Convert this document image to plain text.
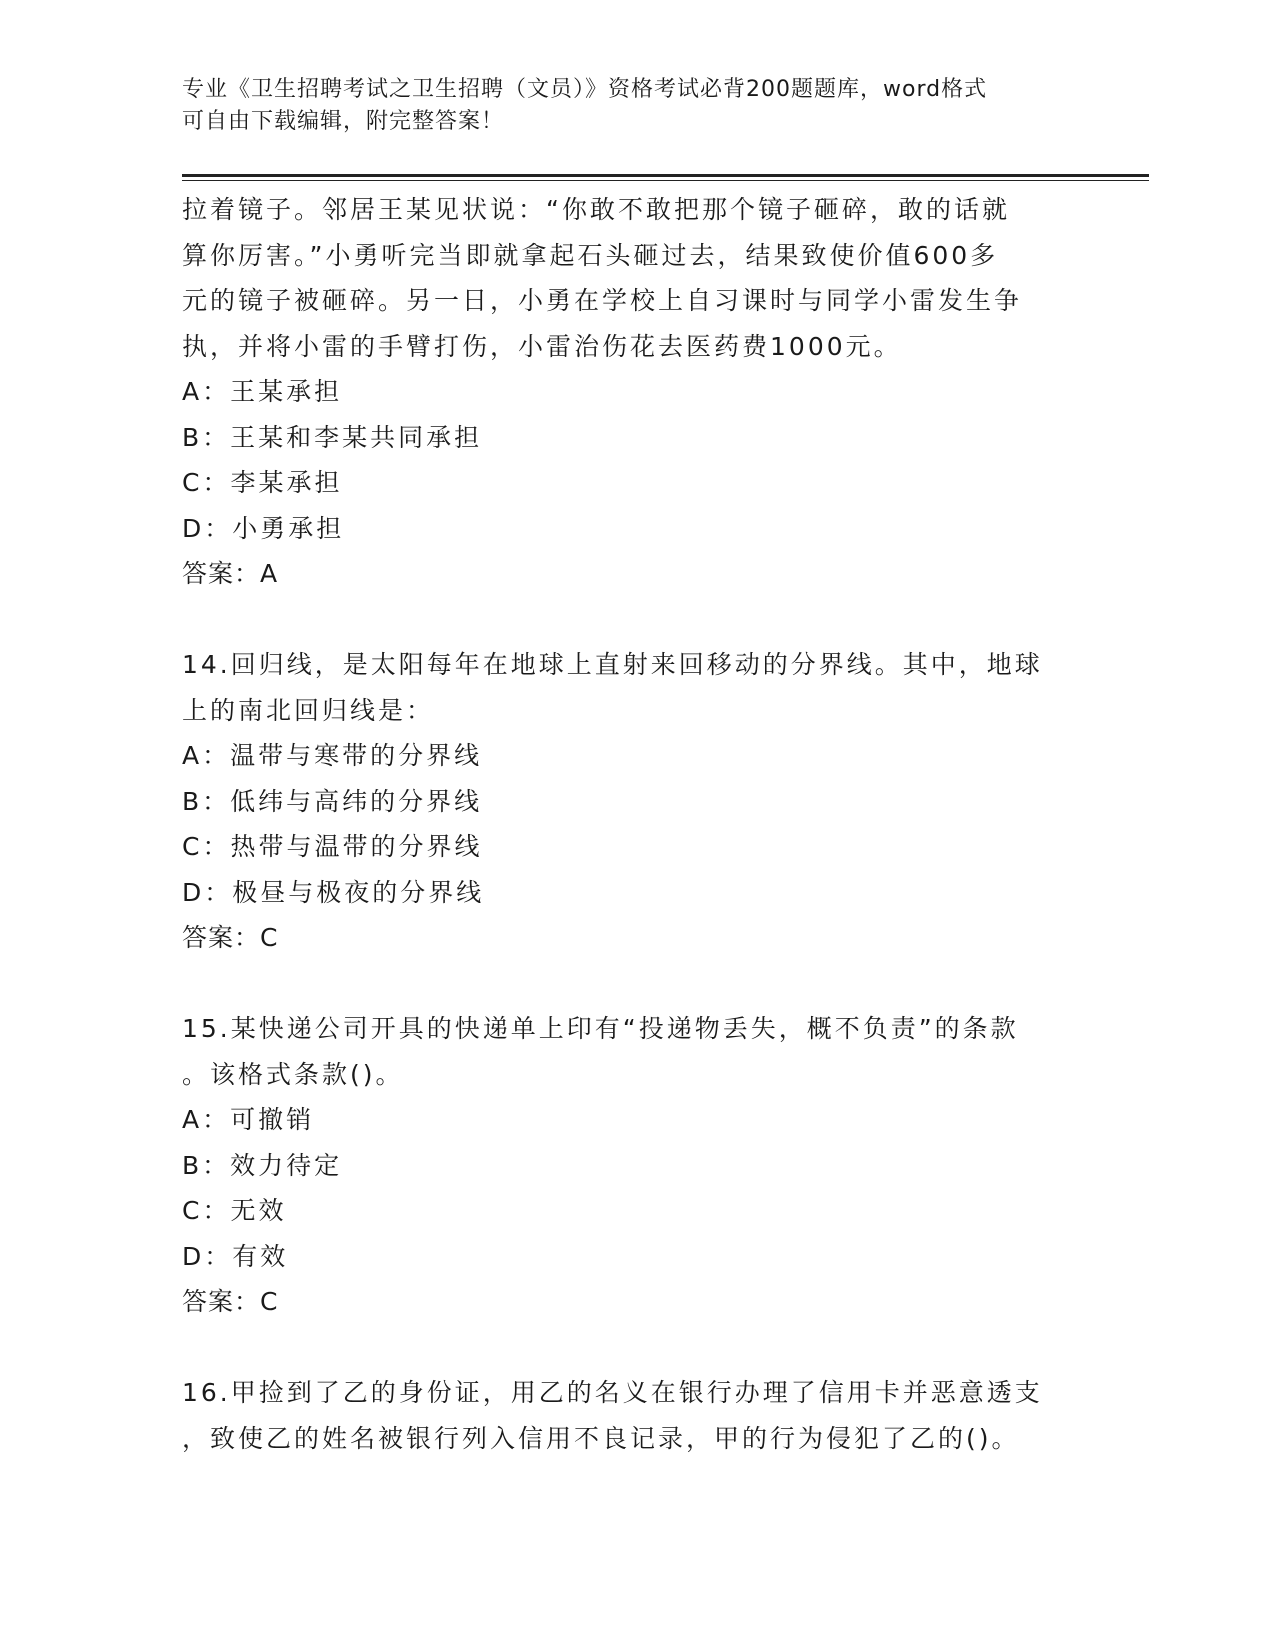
专业《卫生招聘考试之卫生招聘（文员）》资格考试必背200题题库，word格式
可自由下载编辑，附完整答案！
拉着镜子。邻居王某见状说：“你敢不敢把那个镜子砸碎，敢的话就
算你厉害。”小勇听完当即就拿起石头砸过去，结果致使价值600多
元的镜子被砸碎。另一日，小勇在学校上自习课时与同学小雷发生争
执，并将小雷的手臂打伤，小雷治伤花去医药费1000元。
A：王某承担
B：王某和李某共同承担
C：李某承担
D：小勇承担
答案：A
14.回归线，是太阳每年在地球上直射来回移动的分界线。其中，地球
上的南北回归线是：
A：温带与寒带的分界线
B：低纬与高纬的分界线
C：热带与温带的分界线
D：极昼与极夜的分界线
答案：C
15.某快递公司开具的快递单上印有“投递物丢失，概不负责”的条款
。该格式条款()。
A：可撤销
B：效力待定
C：无效
D：有效
答案：C
16.甲捡到了乙的身份证，用乙的名义在银行办理了信用卡并恶意透支
，致使乙的姓名被银行列入信用不良记录，甲的行为侵犯了乙的()。
